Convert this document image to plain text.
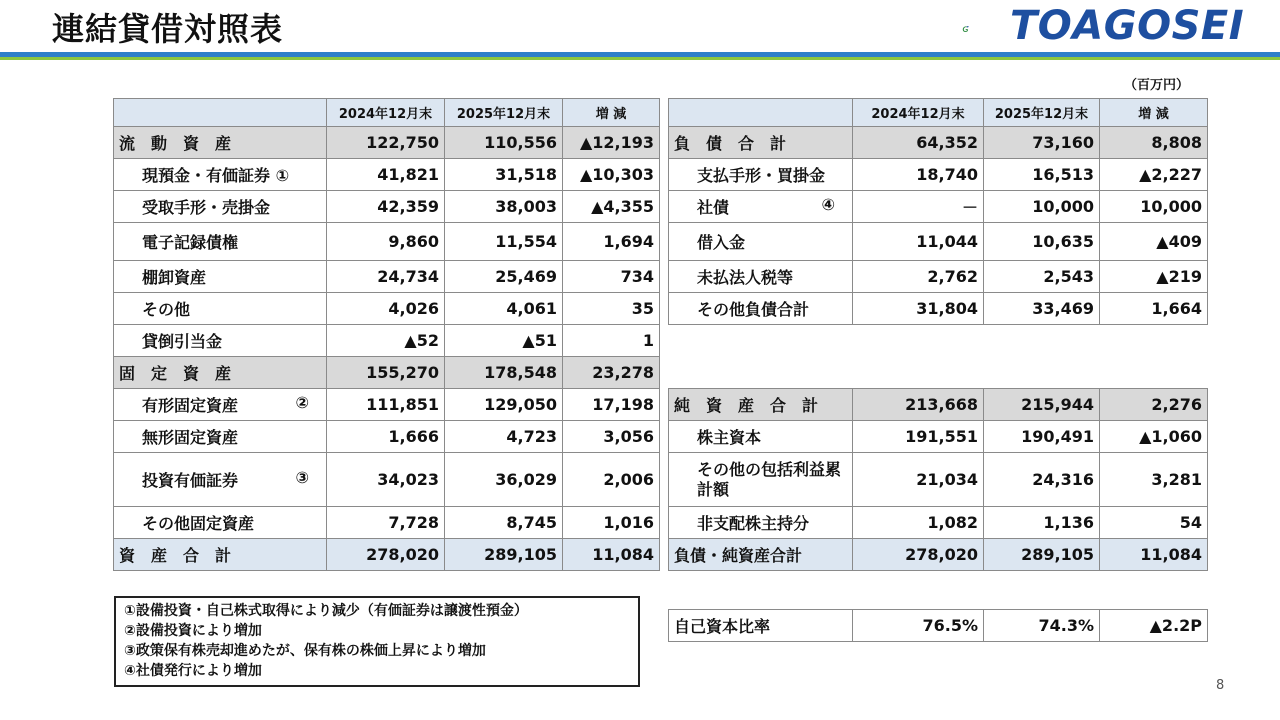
連結貸借対照表	TOAGOSEI
（百万円）
	2024年12月末	2025年12月末	増 減
流　動　資　産	122,750	110,556	▲12,193
現預金・有価証券 ①	41,821	31,518	▲10,303
受取手形・売掛金	42,359	38,003	▲4,355
電子記録債権	9,860	11,554	1,694
棚卸資産	24,734	25,469	734
その他	4,026	4,061	35
貸倒引当金	▲52	▲51	1
固　定　資　産	155,270	178,548	23,278

有形固定資産 ②	111,851	129,050	17,198
無形固定資産	1,666	4,723	3,056

投資有価証券 ③	34,023	36,029	2,006
その他固定資産	7,728	8,745	1,016
資　産　合　計	278,020	289,105	11,084
	2024年12月末	2025年12月末	増 減
負　債　合　計	64,352	73,160	8,808
支払手形・買掛金	18,740	16,513	▲2,227

社債 ④	－	10,000	10,000
借入金	11,044	10,635	▲409
未払法人税等	2,762	2,543	▲219
その他負債合計	31,804	33,469	1,664

純　資　産　合　計	213,668	215,944	2,276
株主資本	191,551	190,491	▲1,060
その他の包括利益累計額	21,034	24,316	3,281
非支配株主持分	1,082	1,136	54
負債・純資産合計	278,020	289,105	11,084
自己資本比率	76.5%	74.3%	▲2.2P
①設備投資・自己株式取得により減少（有価証券は譲渡性預金）
②設備投資により増加
③政策保有株売却進めたが、保有株の株価上昇により増加
④社債発行により増加
8
